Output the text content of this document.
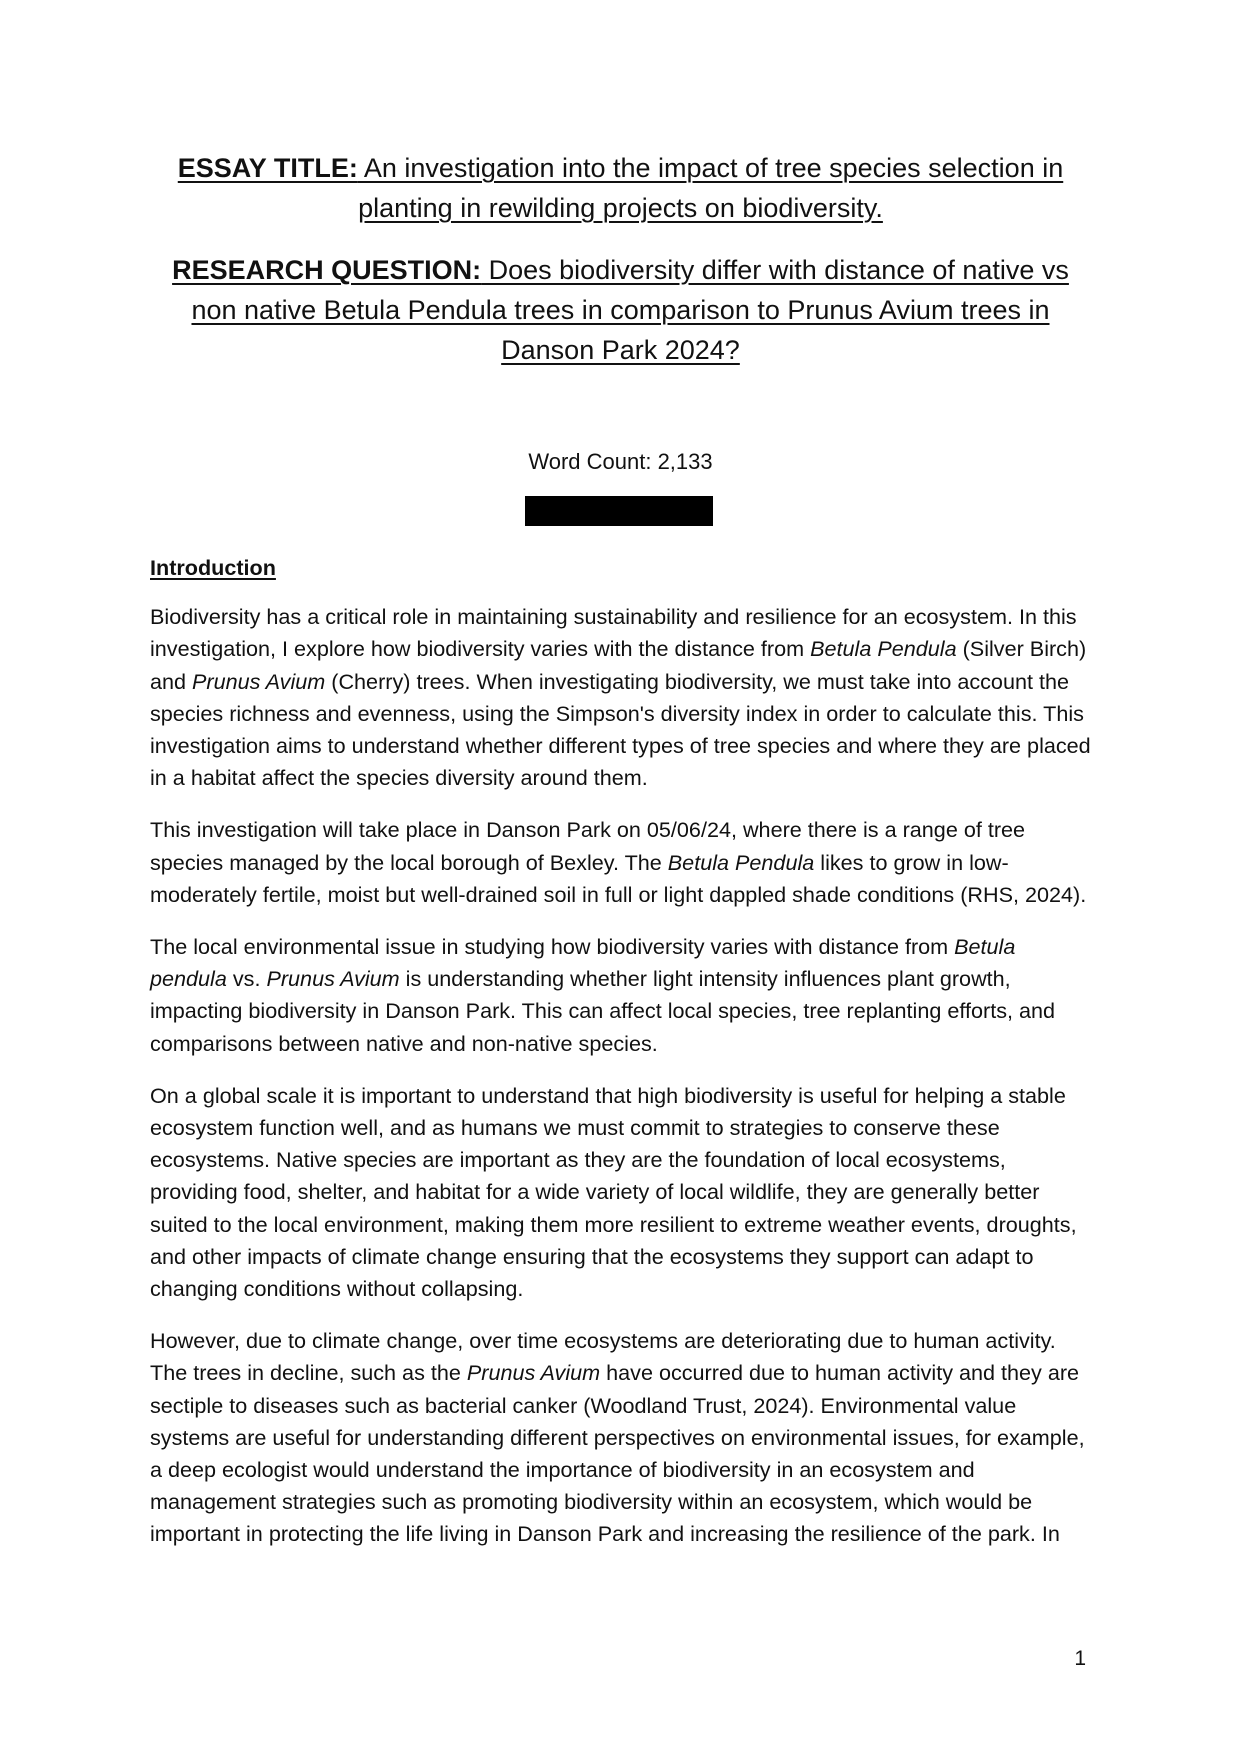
ESSAY TITLE: An investigation into the impact of tree species selection in planting in rewilding projects on biodiversity.
RESEARCH QUESTION: Does biodiversity differ with distance of native vs non native Betula Pendula trees in comparison to Prunus Avium trees in Danson Park 2024?
Word Count: 2,133
Introduction

Biodiversity has a critical role in maintaining sustainability and resilience for an ecosystem. In this investigation, I explore how biodiversity varies with the distance from Betula Pendula (Silver Birch) and Prunus Avium (Cherry) trees. When investigating biodiversity, we must take into account the species richness and evenness, using the Simpson's diversity index in order to calculate this. This investigation aims to understand whether different types of tree species and where they are placed in a habitat affect the species diversity around them.

This investigation will take place in Danson Park on 05/06/24, where there is a range of tree species managed by the local borough of Bexley. The Betula Pendula likes to grow in low-moderately fertile, moist but well-drained soil in full or light dappled shade conditions (RHS, 2024).

The local environmental issue in studying how biodiversity varies with distance from Betula pendula vs. Prunus Avium is understanding whether light intensity influences plant growth, impacting biodiversity in Danson Park. This can affect local species, tree replanting efforts, and comparisons between native and non-native species.

On a global scale it is important to understand that high biodiversity is useful for helping a stable ecosystem function well, and as humans we must commit to strategies to conserve these ecosystems. Native species are important as they are the foundation of local ecosystems, providing food, shelter, and habitat for a wide variety of local wildlife, they are generally better suited to the local environment, making them more resilient to extreme weather events, droughts, and other impacts of climate change ensuring that the ecosystems they support can adapt to changing conditions without collapsing.

However, due to climate change, over time ecosystems are deteriorating due to human activity. The trees in decline, such as the Prunus Avium have occurred due to human activity and they are sectiple to diseases such as bacterial canker (Woodland Trust, 2024). Environmental value systems are useful for understanding different perspectives on environmental issues, for example, a deep ecologist would understand the importance of biodiversity in an ecosystem and management strategies such as promoting biodiversity within an ecosystem, which would be important in protecting the life living in Danson Park and increasing the resilience of the park. In

1
